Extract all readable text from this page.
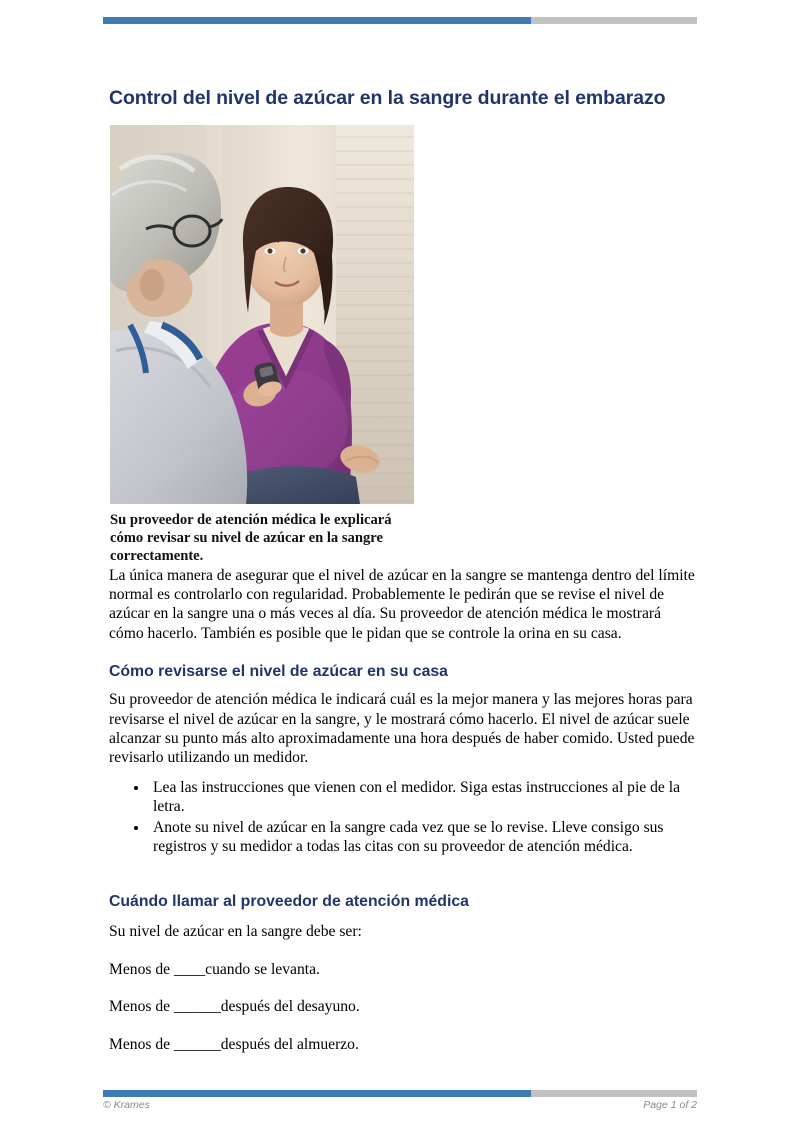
Control del nivel de azúcar en la sangre durante el embarazo
Su proveedor de atención médica le explicará cómo revisar su nivel de azúcar en la sangre correctamente.

La única manera de asegurar que el nivel de azúcar en la sangre se mantenga dentro del límite normal es controlarlo con regularidad. Probablemente le pedirán que se revise el nivel de azúcar en la sangre una o más veces al día. Su proveedor de atención médica le mostrará cómo hacerlo. También es posible que le pidan que se controle la orina en su casa.

Cómo revisarse el nivel de azúcar en su casa

Su proveedor de atención médica le indicará cuál es la mejor manera y las mejores horas para revisarse el nivel de azúcar en la sangre, y le mostrará cómo hacerlo. El nivel de azúcar suele alcanzar su punto más alto aproximadamente una hora después de haber comido. Usted puede revisarlo utilizando un medidor.

• Lea las instrucciones que vienen con el medidor. Siga estas instrucciones al pie de la letra.
• Anote su nivel de azúcar en la sangre cada vez que se lo revise. Lleve consigo sus registros y su medidor a todas las citas con su proveedor de atención médica.
Cuándo llamar al proveedor de atención médica

Su nivel de azúcar en la sangre debe ser:

Menos de ____cuando se levanta.

Menos de ______después del desayuno.

Menos de ______después del almuerzo.

© Krames	Page 1 of 2
